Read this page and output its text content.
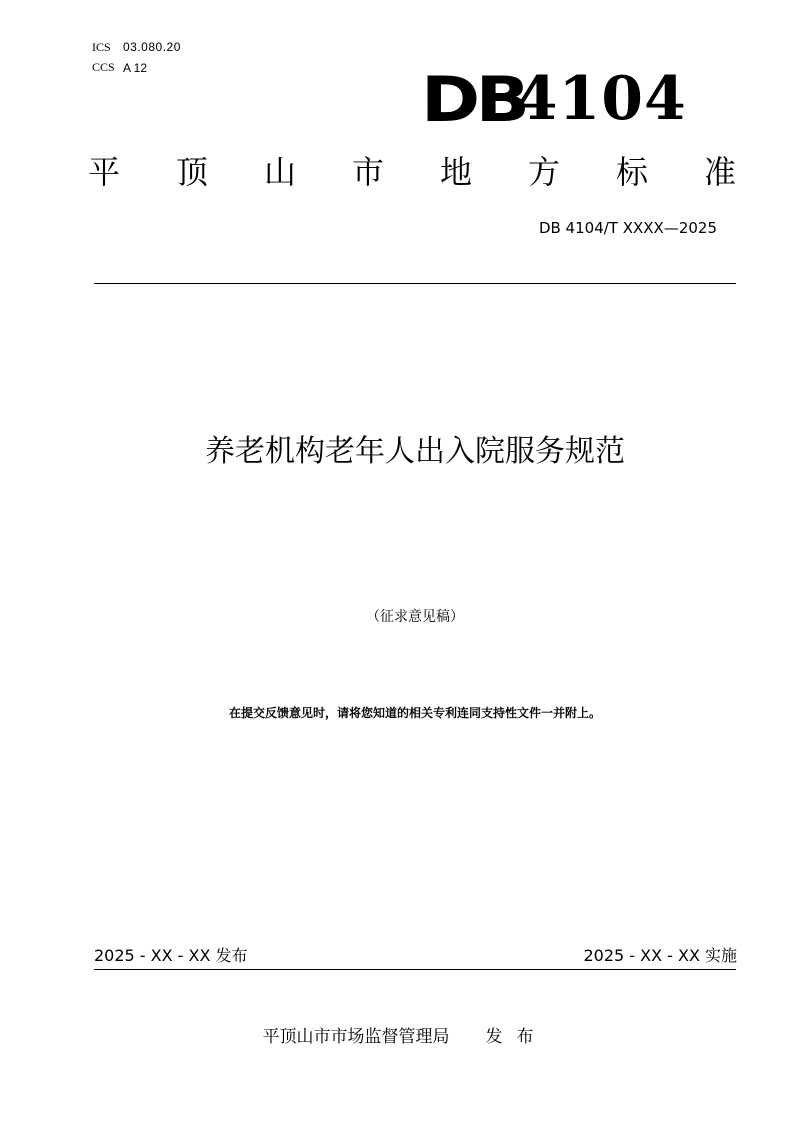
ICS 03.080.20
CCS A 12	DB
4104
平 顶 山 市 地 方 标 准
DB 4104/T XXXX—2025
养老机构老年人出入院服务规范
（征求意见稿）
在提交反馈意见时，请将您知道的相关专利连同支持性文件一并附上。
2025 - XX - XX 发布	2025 - XX - XX 实施
平顶山市市场监督管理局 发布
